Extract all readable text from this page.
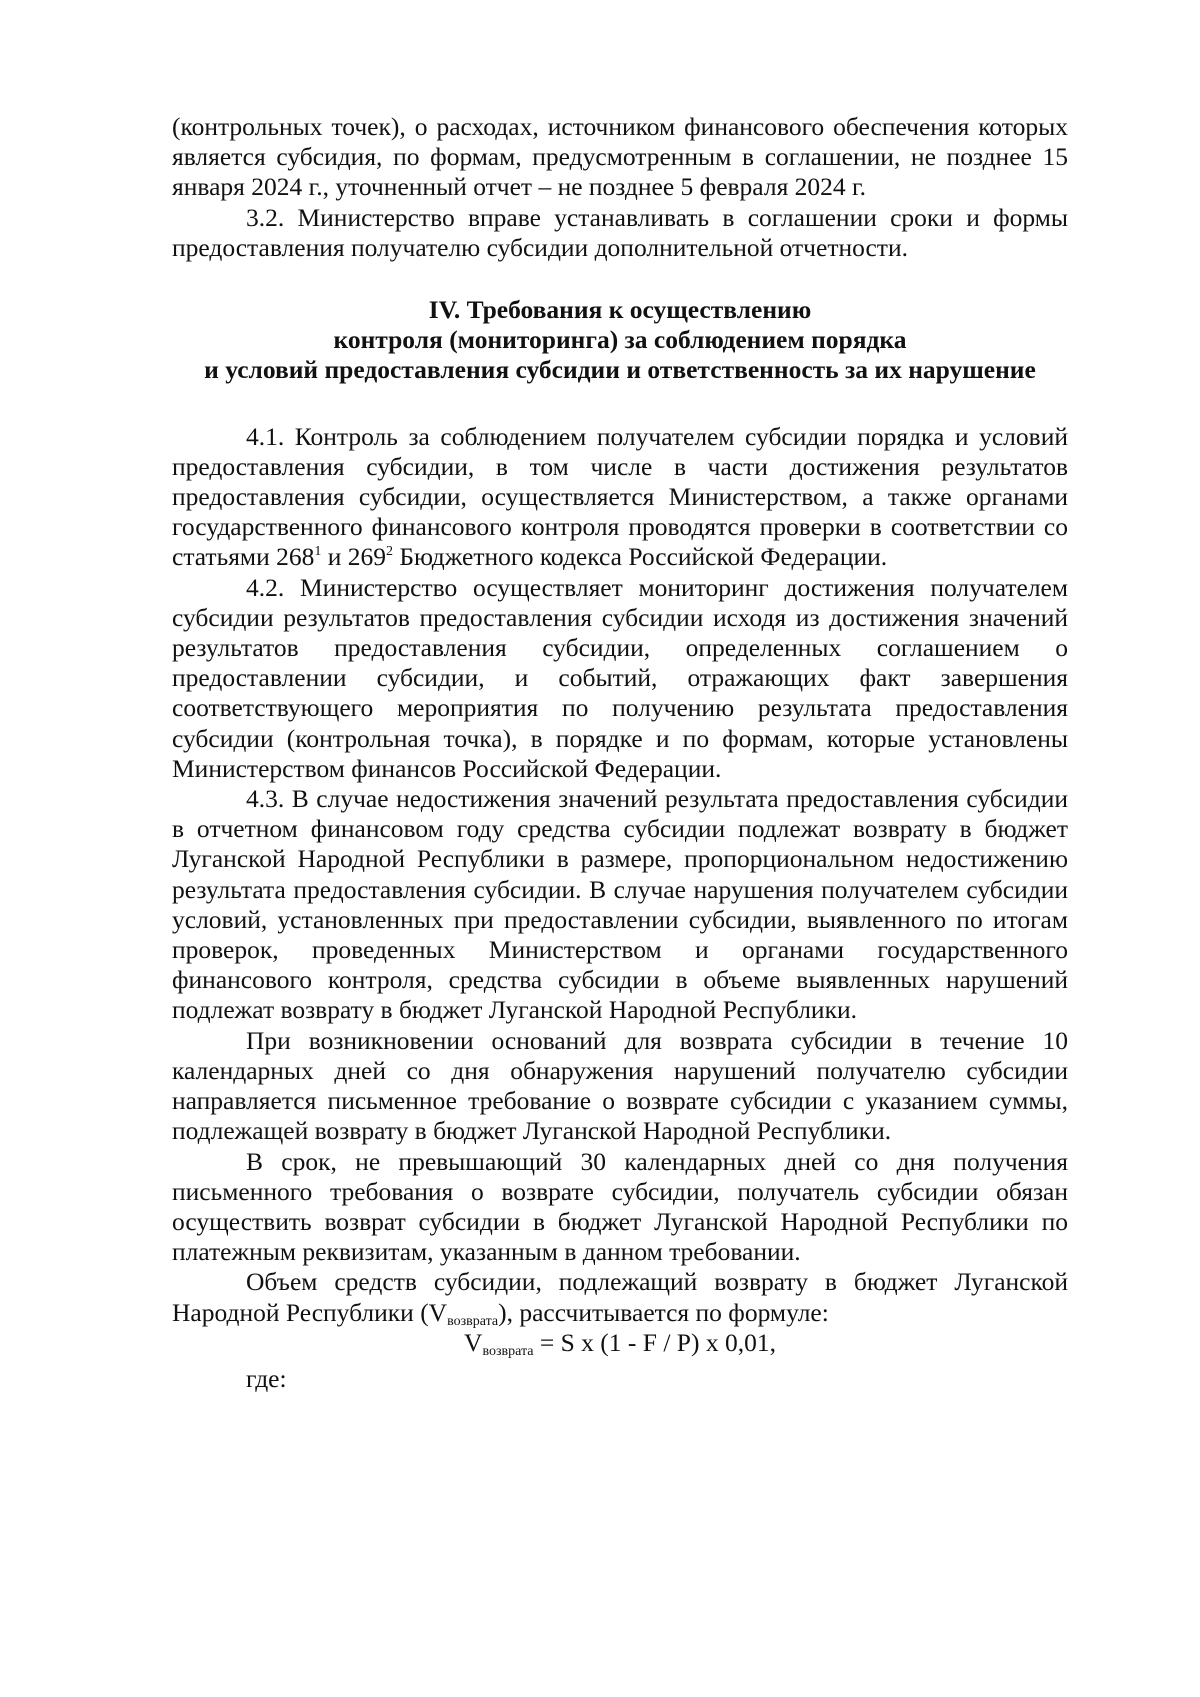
(контрольных точек), о расходах, источником финансового обеспечения которых является субсидия, по формам, предусмотренным в соглашении, не позднее 15 января 2024 г., уточненный отчет – не позднее 5 февраля 2024 г.

3.2. Министерство вправе устанавливать в соглашении сроки и формы предоставления получателю субсидии дополнительной отчетности.

IV. Требования к осуществлению
контроля (мониторинга) за соблюдением порядка
и условий предоставления субсидии и ответственность за их нарушение

4.1. Контроль за соблюдением получателем субсидии порядка и условий предоставления субсидии, в том числе в части достижения результатов предоставления субсидии, осуществляется Министерством, а также органами государственного финансового контроля проводятся проверки в соответствии со статьями $268^1$ и $269^2$ Бюджетного кодекса Российской Федерации.

4.2. Министерство осуществляет мониторинг достижения получателем субсидии результатов предоставления субсидии исходя из достижения значений результатов предоставления субсидии, определенных соглашением о предоставлении субсидии, и событий, отражающих факт завершения соответствующего мероприятия по получению результата предоставления субсидии (контрольная точка), в порядке и по формам, которые установлены Министерством финансов Российской Федерации.

4.3. В случае недостижения значений результата предоставления субсидии в отчетном финансовом году средства субсидии подлежат возврату в бюджет Луганской Народной Республики в размере, пропорциональном недостижению результата предоставления субсидии. В случае нарушения получателем субсидии условий, установленных при предоставлении субсидии, выявленного по итогам проверок, проведенных Министерством и органами государственного финансового контроля, средства субсидии в объеме выявленных нарушений подлежат возврату в бюджет Луганской Народной Республики.

При возникновении оснований для возврата субсидии в течение 10 календарных дней со дня обнаружения нарушений получателю субсидии направляется письменное требование о возврате субсидии с указанием суммы, подлежащей возврату в бюджет Луганской Народной Республики.

В срок, не превышающий 30 календарных дней со дня получения письменного требования о возврате субсидии, получатель субсидии обязан осуществить возврат субсидии в бюджет Луганской Народной Республики по платежным реквизитам, указанным в данном требовании.

Объем средств субсидии, подлежащий возврату в бюджет Луганской Народной Республики $(V_{возврата})$, рассчитывается по формуле:

$V_{возврата} = S$ x (1 - F / P) x 0,01,

где:
